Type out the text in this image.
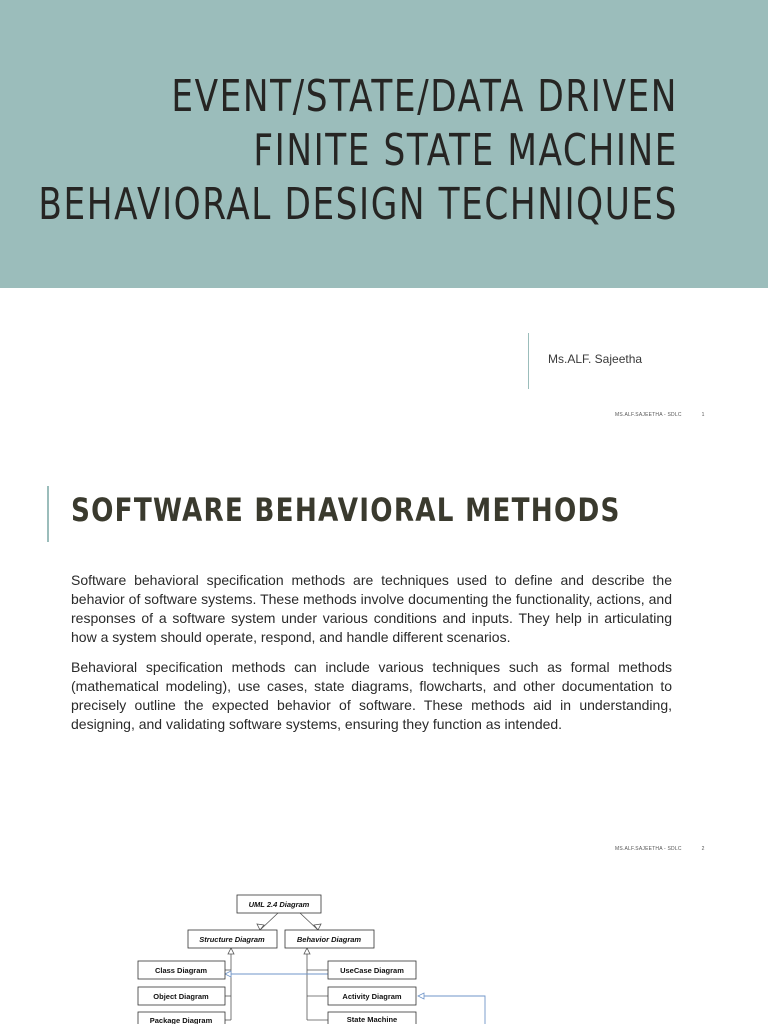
EVENT/STATE/DATA DRIVEN
FINITE STATE MACHINE
BEHAVIORAL DESIGN TECHNIQUES
Ms.ALF. Sajeetha
MS.ALF.SAJEETHA - SDLC	1
SOFTWARE BEHAVIORAL METHODS

Software behavioral specification methods are techniques used to define and describe the behavior of software systems. These methods involve documenting the functionality, actions, and responses of a software system under various conditions and inputs. They help in articulating how a system should operate, respond, and handle different scenarios.

Behavioral specification methods can include various techniques such as formal methods (mathematical modeling), use cases, state diagrams, flowcharts, and other documentation to precisely outline the expected behavior of software. These methods aid in understanding, designing, and validating software systems, ensuring they function as intended.

MS.ALF.SAJEETHA - SDLC	2
UML 2.4 Diagram
Structure Diagram	Behavior Diagram
Class Diagram
Object Diagram
Package Diagram
UseCase Diagram
Activity Diagram
State Machine
